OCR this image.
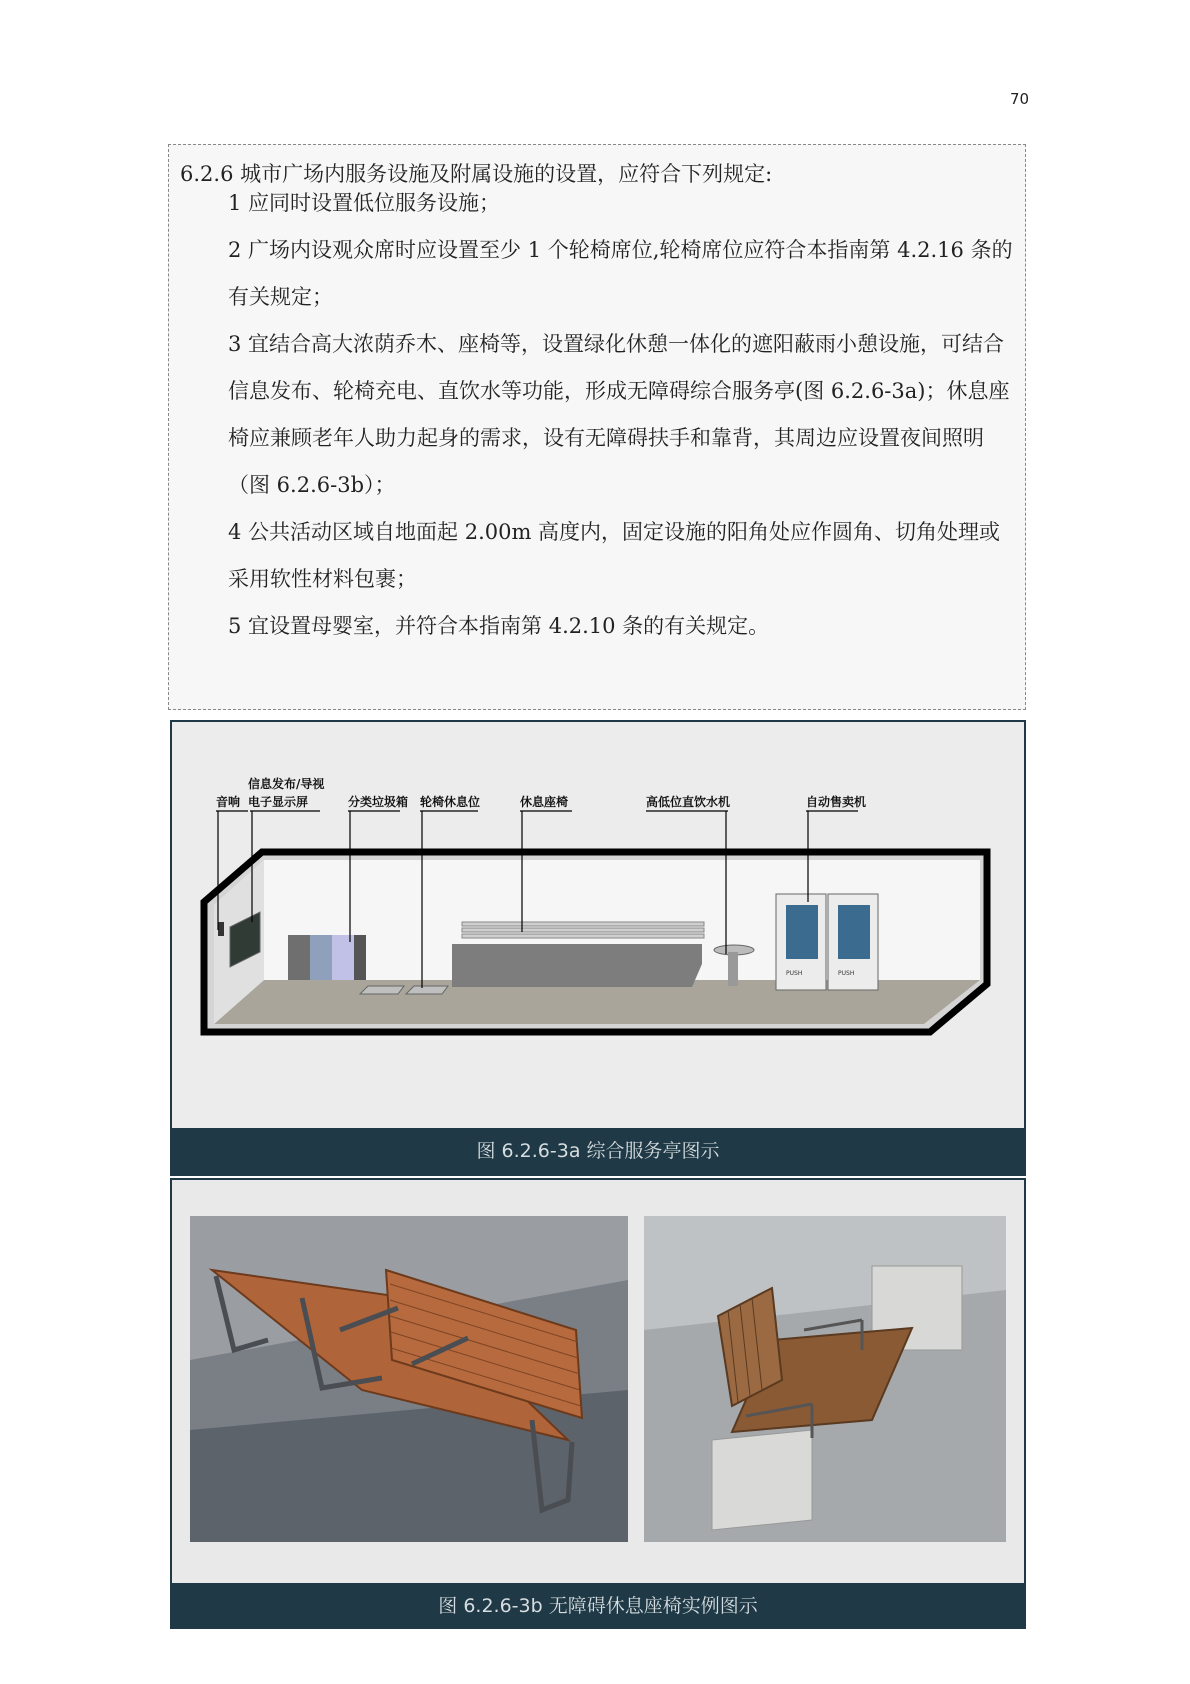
70
6.2.6 城市广场内服务设施及附属设施的设置，应符合下列规定:
1 应同时设置低位服务设施；
2 广场内设观众席时应设置至少 1 个轮椅席位,轮椅席位应符合本指南第 4.2.16 条的有关规定；
3 宜结合高大浓荫乔木、座椅等，设置绿化休憩一体化的遮阳蔽雨小憩设施，可结合信息发布、轮椅充电、直饮水等功能，形成无障碍综合服务亭(图 6.2.6-3a)；休息座椅应兼顾老年人助力起身的需求，设有无障碍扶手和靠背，其周边应设置夜间照明（图 6.2.6-3b）；
4 公共活动区域自地面起 2.00m 高度内，固定设施的阳角处应作圆角、切角处理或采用软性材料包裹；
5 宜设置母婴室，并符合本指南第 4.2.10 条的有关规定。
PUSH	PUSH
音响
信息发布/导视
电子显示屏	分类垃圾箱 轮椅休息位	休息座椅	高低位直饮水机	自动售卖机
图 6.2.6-3a 综合服务亭图示
图 6.2.6-3b 无障碍休息座椅实例图示
